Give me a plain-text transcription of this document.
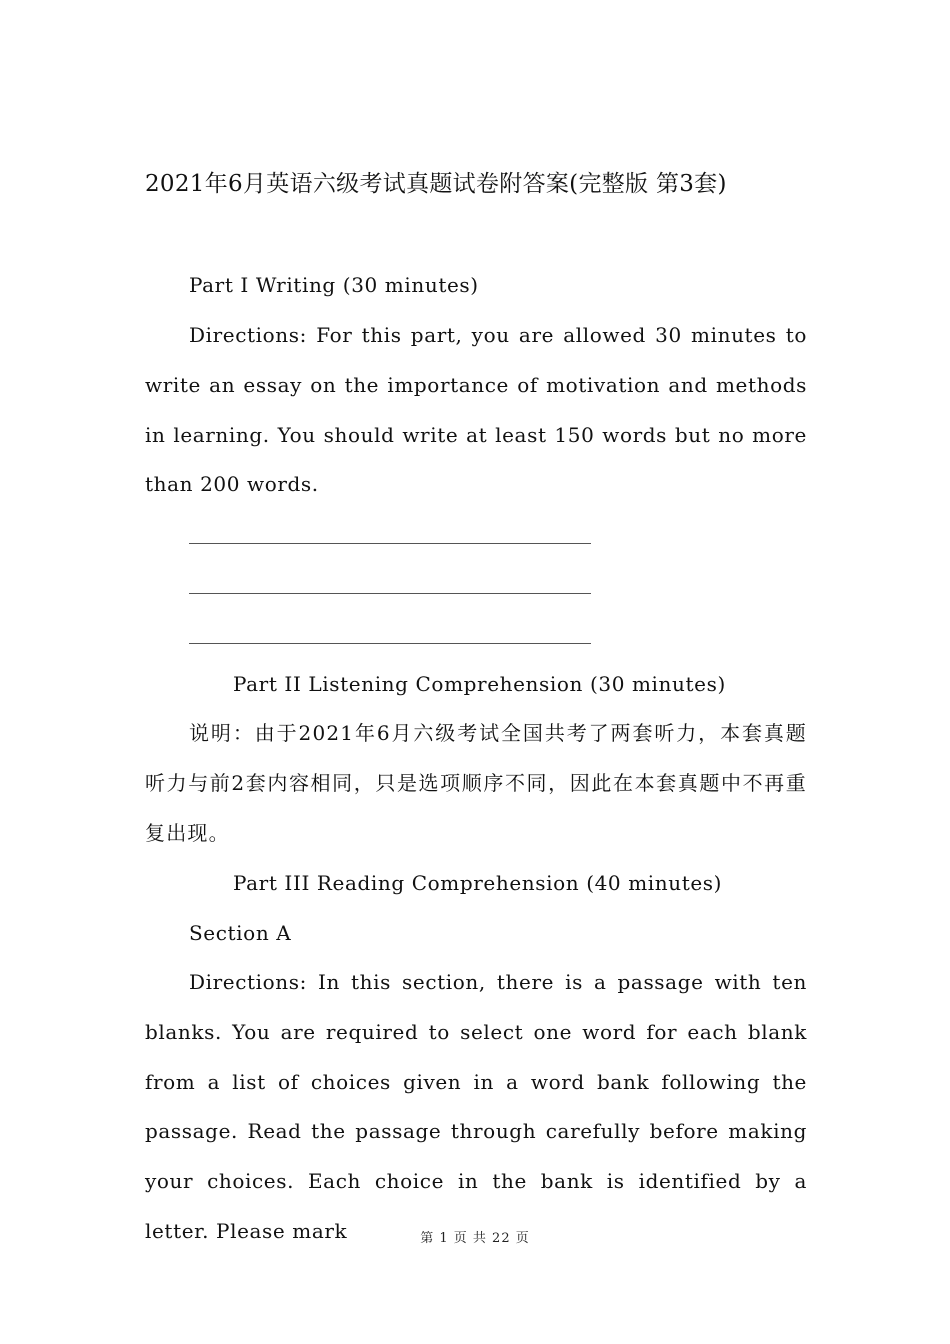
2021年6月英语六级考试真题试卷附答案(完整版 第3套)
Part I Writing (30 minutes)
Directions: For this part, you are allowed 30 minutes to write an essay on the importance of motivation and methods in learning. You should write at least 150 words but no more than 200 words.
Part II Listening Comprehension (30 minutes)
说明：由于2021年6月六级考试全国共考了两套听力，本套真题听力与前2套内容相同，只是选项顺序不同，因此在本套真题中不再重复出现。
Part III Reading Comprehension (40 minutes)
Section A
Directions: In this section, there is a passage with ten blanks. You are required to select one word for each blank from a list of choices given in a word bank following the passage. Read the passage through carefully before making your choices. Each choice in the bank is identified by a letter. Please mark	第 1 页 共 22 页
